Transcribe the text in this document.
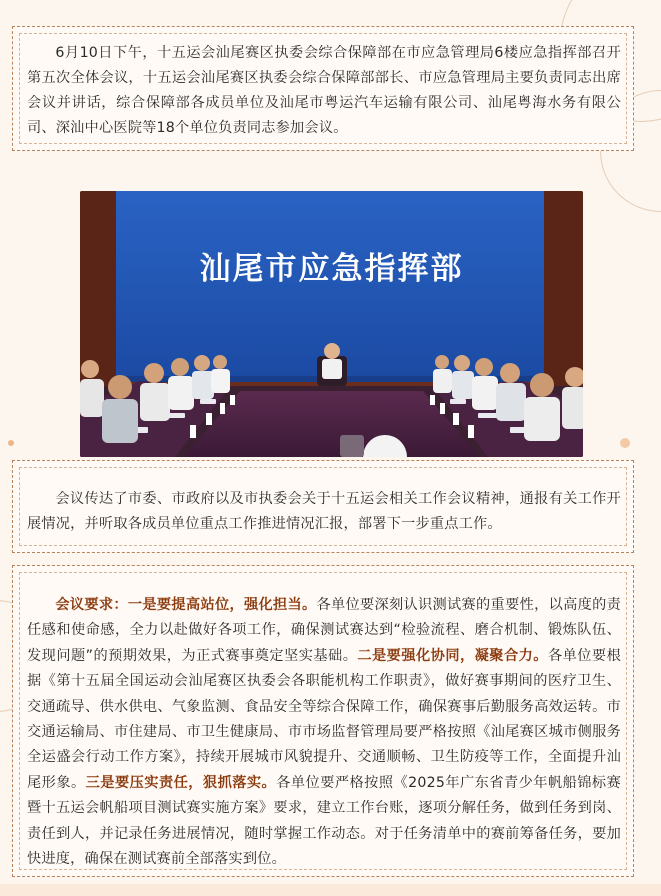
6月10日下午，十五运会汕尾赛区执委会综合保障部在市应急管理局6楼应急指挥部召开第五次全体会议，十五运会汕尾赛区执委会综合保障部部长、市应急管理局主要负责同志出席会议并讲话，综合保障部各成员单位及汕尾市粤运汽车运输有限公司、汕尾粤海水务有限公司、深汕中心医院等18个单位负责同志参加会议。
汕尾市应急指挥部
会议传达了市委、市政府以及市执委会关于十五运会相关工作会议精神，通报有关工作开展情况，并听取各成员单位重点工作推进情况汇报，部署下一步重点工作。
会议要求：一是要提高站位，强化担当。各单位要深刻认识测试赛的重要性，以高度的责任感和使命感，全力以赴做好各项工作，确保测试赛达到“检验流程、磨合机制、锻炼队伍、发现问题”的预期效果，为正式赛事奠定坚实基础。二是要强化协同，凝聚合力。各单位要根据《第十五届全国运动会汕尾赛区执委会各职能机构工作职责》，做好赛事期间的医疗卫生、交通疏导、供水供电、气象监测、食品安全等综合保障工作，确保赛事后勤服务高效运转。市交通运输局、市住建局、市卫生健康局、市市场监督管理局要严格按照《汕尾赛区城市侧服务全运盛会行动工作方案》，持续开展城市风貌提升、交通顺畅、卫生防疫等工作，全面提升汕尾形象。三是要压实责任，狠抓落实。各单位要严格按照《2025年广东省青少年帆船锦标赛暨十五运会帆船项目测试赛实施方案》要求，建立工作台账，逐项分解任务，做到任务到岗、责任到人，并记录任务进展情况，随时掌握工作动态。对于任务清单中的赛前筹备任务，要加快进度，确保在测试赛前全部落实到位。
